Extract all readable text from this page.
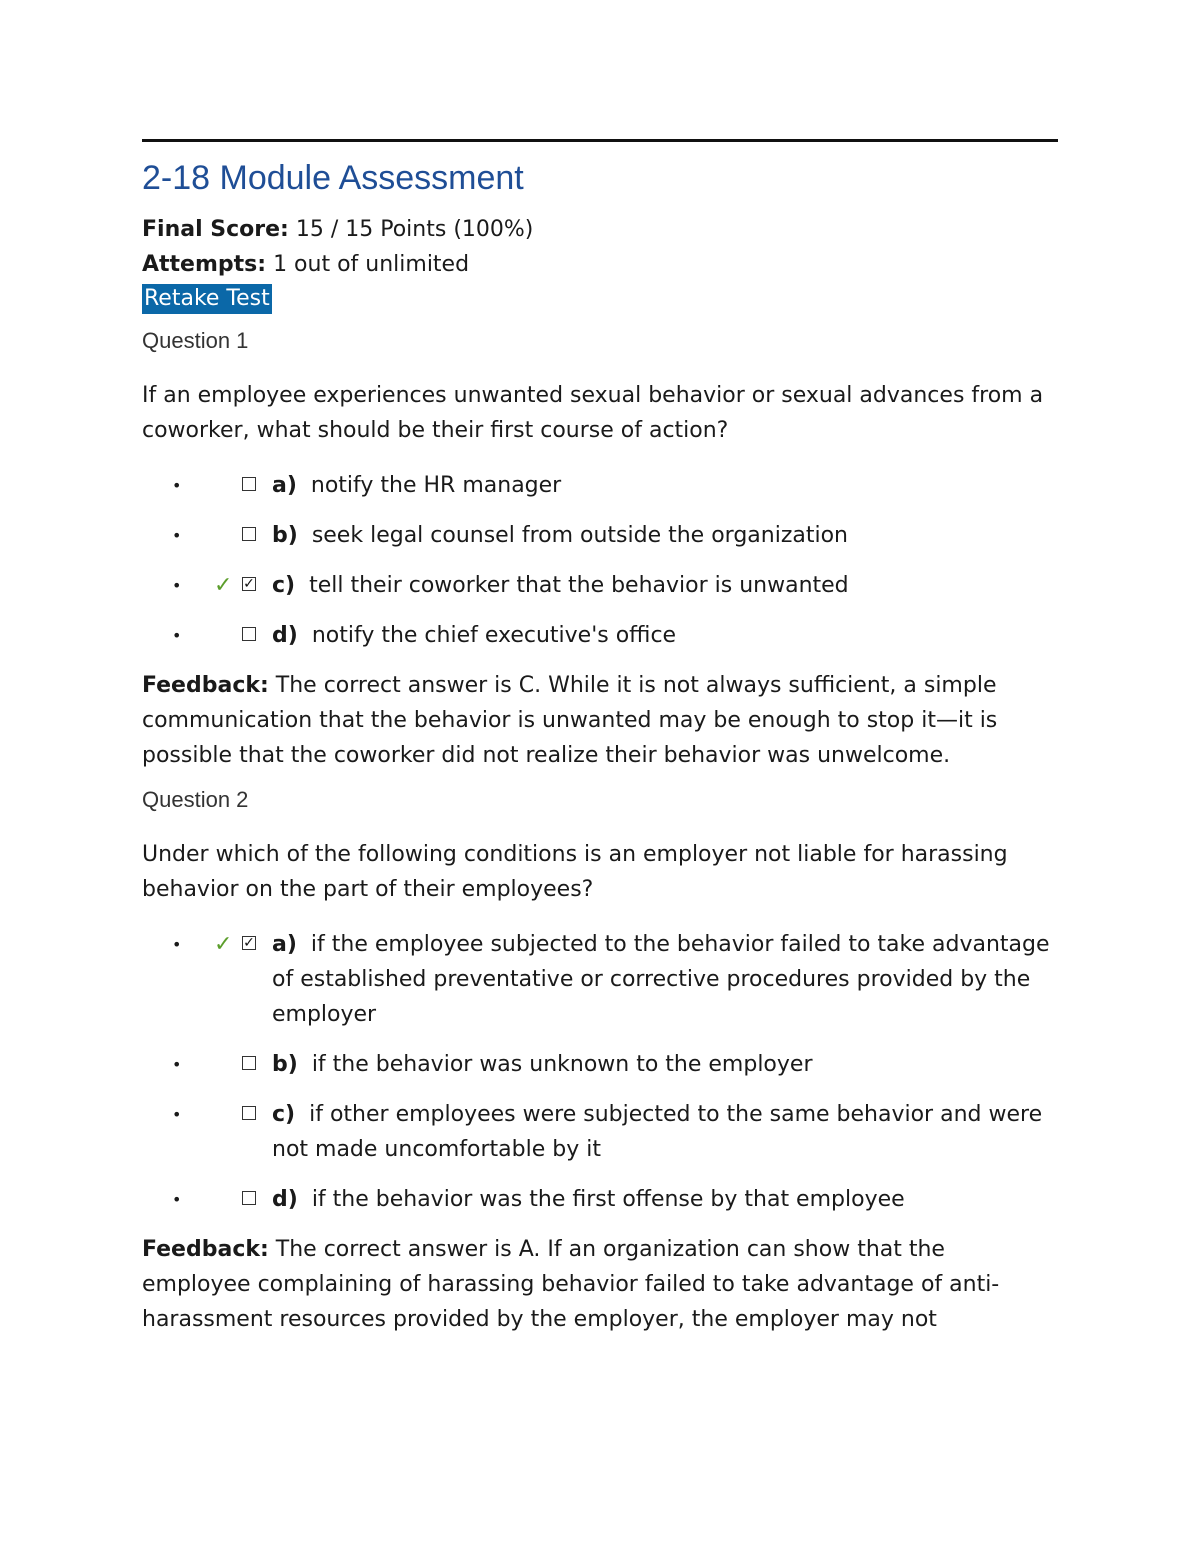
2-18 Module Assessment

Final Score: 15 / 15 Points (100%)

Attempts: 1 out of unlimited

Retake Test

Question 1

If an employee experiences unwanted sexual behavior or sexual advances from a coworker, what should be their first course of action?

•	a) notify the HR manager
•	b) seek legal counsel from outside the organization
• ✓ ✓ c) tell their coworker that the behavior is unwanted
•	d) notify the chief executive's office

Feedback: The correct answer is C. While it is not always sufficient, a simple communication that the behavior is unwanted may be enough to stop it—it is possible that the coworker did not realize their behavior was unwelcome.

Question 2

Under which of the following conditions is an employer not liable for harassing behavior on the part of their employees?

• ✓ ✓ a) if the employee subjected to the behavior failed to take advantage of established preventative or corrective procedures provided by the employer
•	b) if the behavior was unknown to the employer
•	c) if other employees were subjected to the same behavior and were not made uncomfortable by it
•	d) if the behavior was the first offense by that employee

Feedback: The correct answer is A. If an organization can show that the employee complaining of harassing behavior failed to take advantage of anti-harassment resources provided by the employer, the employer may not
